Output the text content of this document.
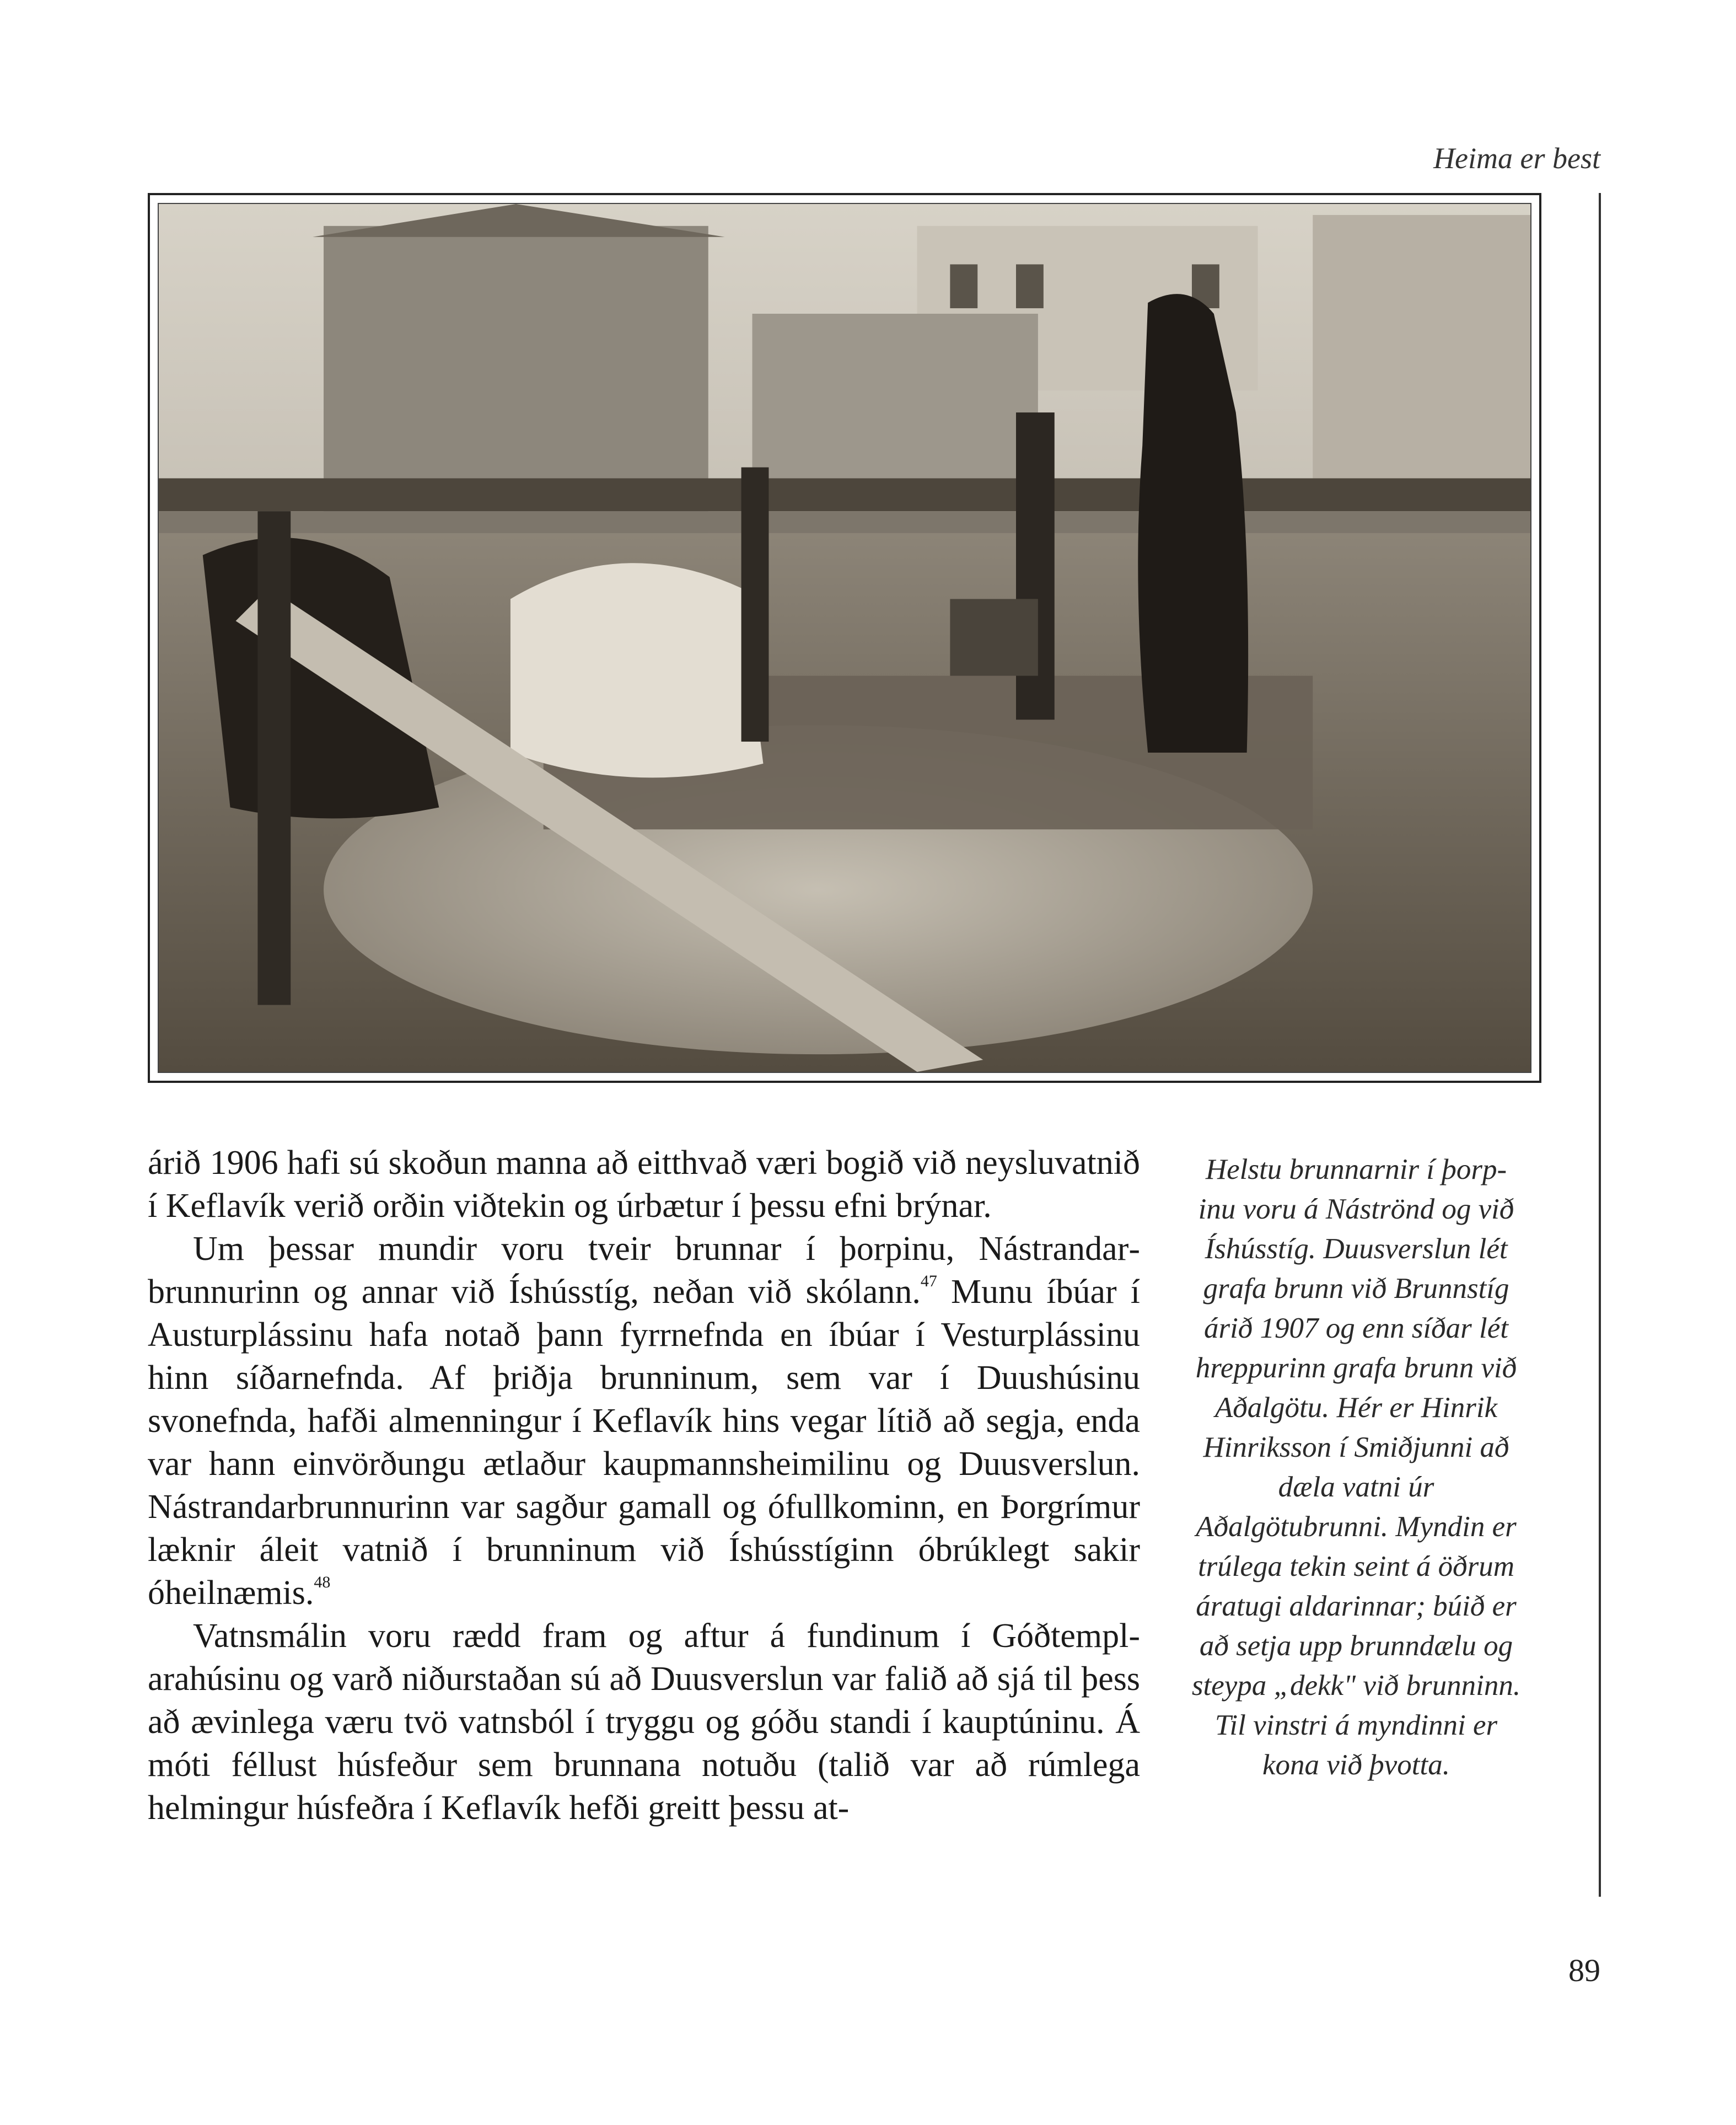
Heima er best

árið 1906 hafi sú skoðun manna að eitthvað væri bogið við neysluvatnið í Keflavík verið orðin viðtekin og úrbætur í þessu efni brýnar.

Um þessar mundir voru tveir brunnar í þorpinu, Nástrandarbrunnurinn og annar við Íshússtíg, neðan við skólann.$^{47}$ Munu íbúar í Austurplássinu hafa notað þann fyrrnefnda en íbúar í Vesturplássinu hinn síðarnefnda. Af þriðja brunninum, sem var í Duushúsinu svonefnda, hafði almenningur í Keflavík hins vegar lítið að segja, enda var hann einvörðungu ætlaður kaupmannsheimilinu og Duusverslun. Nástrandarbrunnurinn var sagður gamall og ófullkominn, en Þorgrímur læknir áleit vatnið í brunninum við Íshússtíginn óbrúklegt sakir óheilnæmis.$^{48}$

Vatnsmálin voru rædd fram og aftur á fundinum í Góðtemplarahúsinu og varð niðurstaðan sú að Duusverslun var falið að sjá til þess að ævinlega væru tvö vatnsból í tryggu og góðu standi í kauptúninu. Á móti féllust húsfeður sem brunnana notuðu (talið var að rúmlega helmingur húsfeðra í Keflavík hefði greitt þessu at-

Helstu brunnarnir í þorp-
inu voru á Náströnd og við
Íshússtíg. Duusverslun lét
grafa brunn við Brunnstíg
árið 1907 og enn síðar lét
hreppurinn grafa brunn við
Aðalgötu. Hér er Hinrik
Hinriksson í Smiðjunni að
dæla vatni úr
Aðalgötubrunni. Myndin er
trúlega tekin seint á öðrum
áratugi aldarinnar; búið er
að setja upp brunndælu og
steypa „dekk" við brunninn.
Til vinstri á myndinni er
kona við þvotta.
89
